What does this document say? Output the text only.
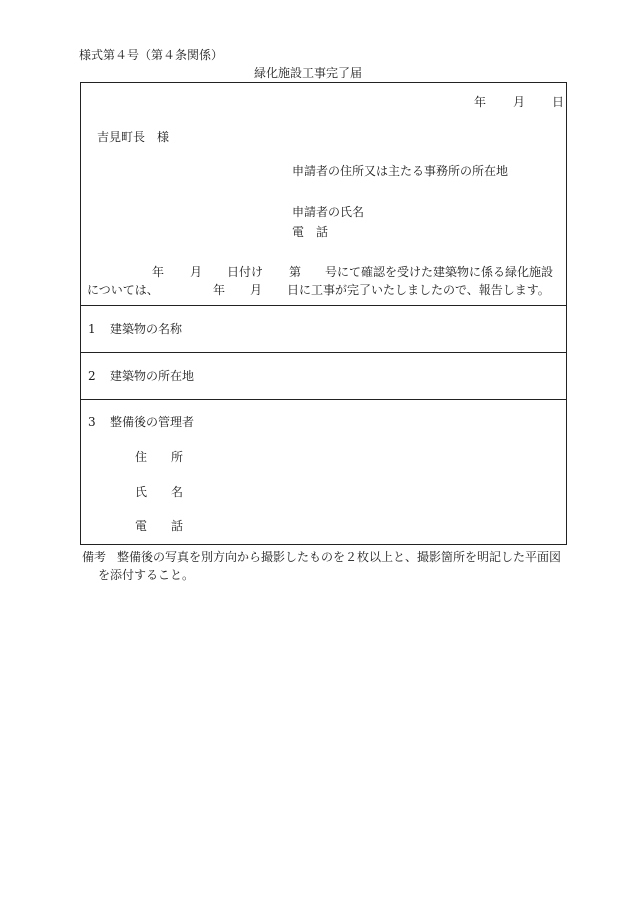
様式第４号（第４条関係）
緑化施設工事完了届
年 月 日
吉見町長　様
申請者の住所又は主たる事務所の所在地
申請者の氏名
電　話
年 月 日付け 第 号にて確認を受けた建築物に係る緑化施設
については、	年 月 日に工事が完了いたしましたので、報告します。
1 建築物の名称
2 建築物の所在地
3 整備後の管理者
住　　所
氏　　名
電　　話
備考 整備後の写真を別方向から撮影したものを２枚以上と、撮影箇所を明記した平面図
を添付すること。
